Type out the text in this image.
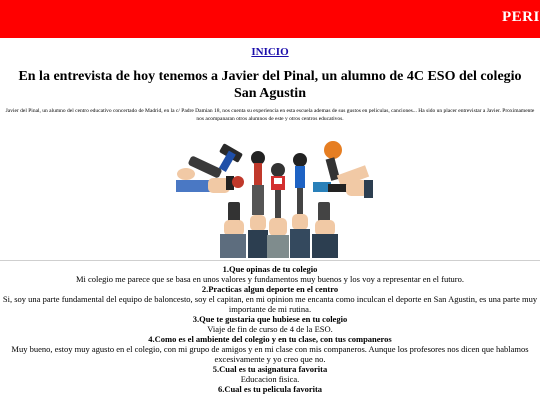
PERIC
INICIO
En la entrevista de hoy tenemos a Javier del Pinal, un alumno de 4C ESO del colegio San Agustin

Javier del Pinal, un alumno del centro educativo concertado de Madrid, en la c/ Padre Damian 18, nos cuenta su experiencia en esta escuela ademas de sus gustos en peliculas, canciones... Ha sido un placer entrevistar a Javier. Proximamente nos acompanaran otros alumnos de este y otros centros educativos.

1.Que opinas de tu colegio
Mi colegio me parece que se basa en unos valores y fundamentos muy buenos y los voy a representar en el futuro.
2.Practicas algun deporte en el centro
Si, soy una parte fundamental del equipo de baloncesto, soy el capitan, en mi opinion me encanta como inculcan el deporte en San Agustin, es una parte muy importante de mi rutina.
3.Que te gustaria que hubiese en tu colegio
Viaje de fin de curso de 4 de la ESO.
4.Como es el ambiente del colegio y en tu clase, con tus companeros
Muy bueno, estoy muy agusto en el colegio, con mi grupo de amigos y en mi clase con mis companeros. Aunque los profesores nos dicen que hablamos excesivamente y yo creo que no.
5.Cual es tu asignatura favorita
Educacion fisica.
6.Cual es tu pelicula favorita
